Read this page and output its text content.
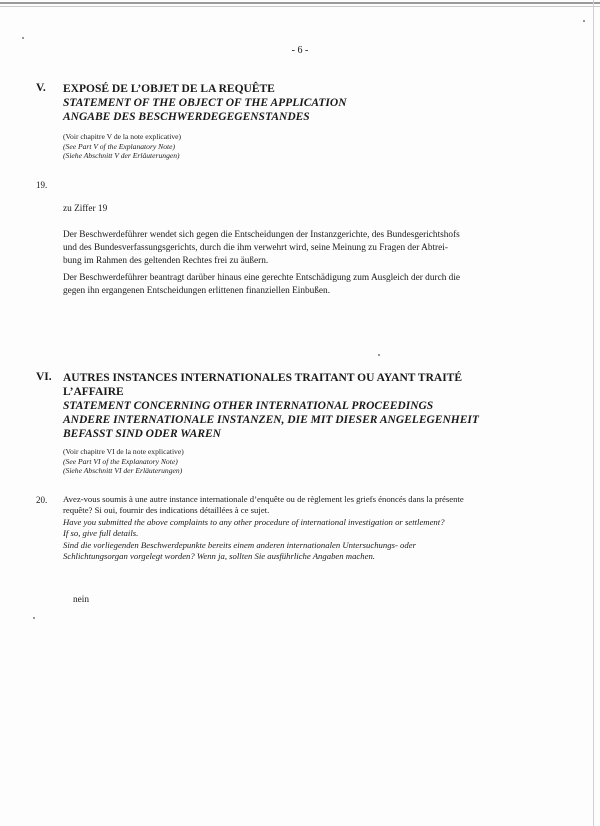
- 6 -
V. EXPOSÉ DE L’OBJET DE LA REQUÊTE
STATEMENT OF THE OBJECT OF THE APPLICATION
ANGABE DES BESCHWERDEGEGENSTANDES
(Voir chapitre V de la note explicative)
(See Part V of the Explanatory Note)
(Siehe Abschnitt V der Erläuterungen)
19.
zu Ziffer 19
Der Beschwerdeführer wendet sich gegen die Entscheidungen der Instanzgerichte, des Bundesgerichtshofs
und des Bundesverfassungsgerichts, durch die ihm verwehrt wird, seine Meinung zu Fragen der Abtrei-
bung im Rahmen des geltenden Rechtes frei zu äußern.
Der Beschwerdeführer beantragt darüber hinaus eine gerechte Entschädigung zum Ausgleich der durch die
gegen ihn ergangenen Entscheidungen erlittenen finanziellen Einbußen.
VI. AUTRES INSTANCES INTERNATIONALES TRAITANT OU AYANT TRAITÉ
L’AFFAIRE
STATEMENT CONCERNING OTHER INTERNATIONAL PROCEEDINGS
ANDERE INTERNATIONALE INSTANZEN, DIE MIT DIESER ANGELEGENHEIT
BEFASST SIND ODER WAREN
(Voir chapitre VI de la note explicative)
(See Part VI of the Explanatory Note)
(Siehe Abschnitt VI der Erläuterungen)
20. Avez-vous soumis à une autre instance internationale d’enquête ou de règlement les griefs énoncés dans la présente
requête? Si oui, fournir des indications détaillées à ce sujet.
Have you submitted the above complaints to any other procedure of international investigation or settlement?
If so, give full details.
Sind die vorliegenden Beschwerdepunkte bereits einem anderen internationalen Untersuchungs- oder
Schlichtungsorgan vorgelegt worden? Wenn ja, sollten Sie ausführliche Angaben machen.
nein
